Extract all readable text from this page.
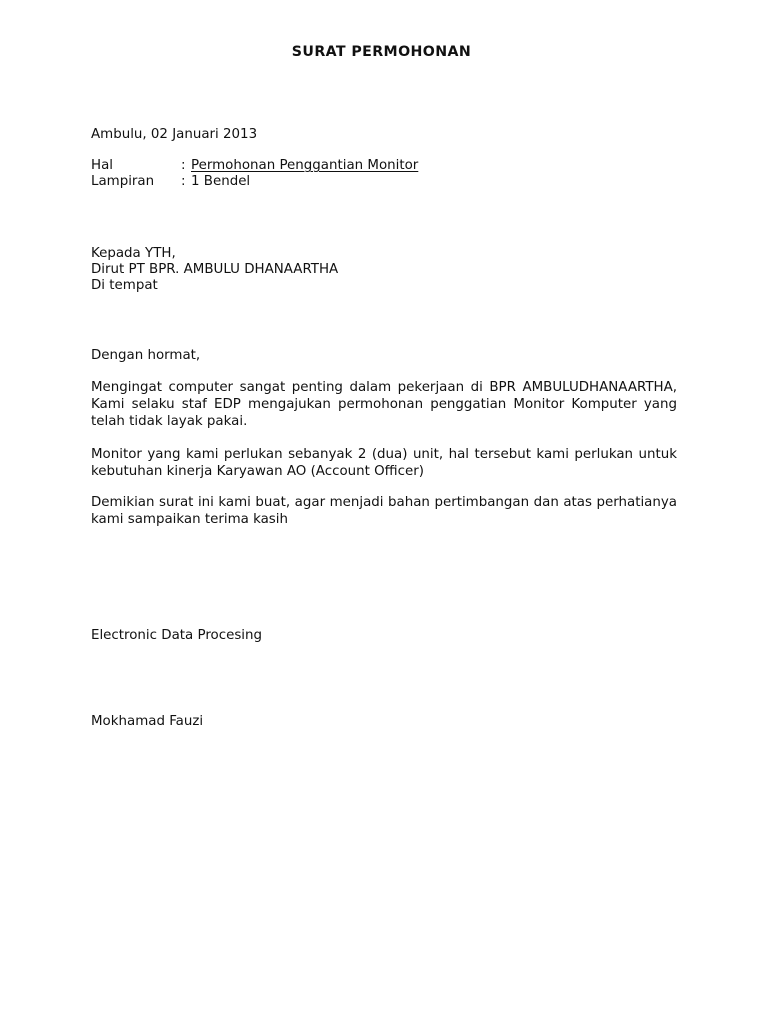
SURAT PERMOHONAN
Ambulu, 02 Januari 2013
Hal	: Permohonan Penggantian Monitor
Lampiran : 1 Bendel
Kepada YTH,
Dirut PT BPR. AMBULU DHANAARTHA
Di tempat
Dengan hormat,
Mengingat computer sangat penting dalam pekerjaan di BPR AMBULUDHANAARTHA, Kami selaku staf EDP mengajukan permohonan penggatian Monitor Komputer yang telah tidak layak pakai.
Monitor yang kami perlukan sebanyak 2 (dua) unit, hal tersebut kami perlukan untuk kebutuhan kinerja Karyawan AO (Account Officer)
Demikian surat ini kami buat, agar menjadi bahan pertimbangan dan atas perhatianya kami sampaikan terima kasih
Electronic Data Procesing
Mokhamad Fauzi
